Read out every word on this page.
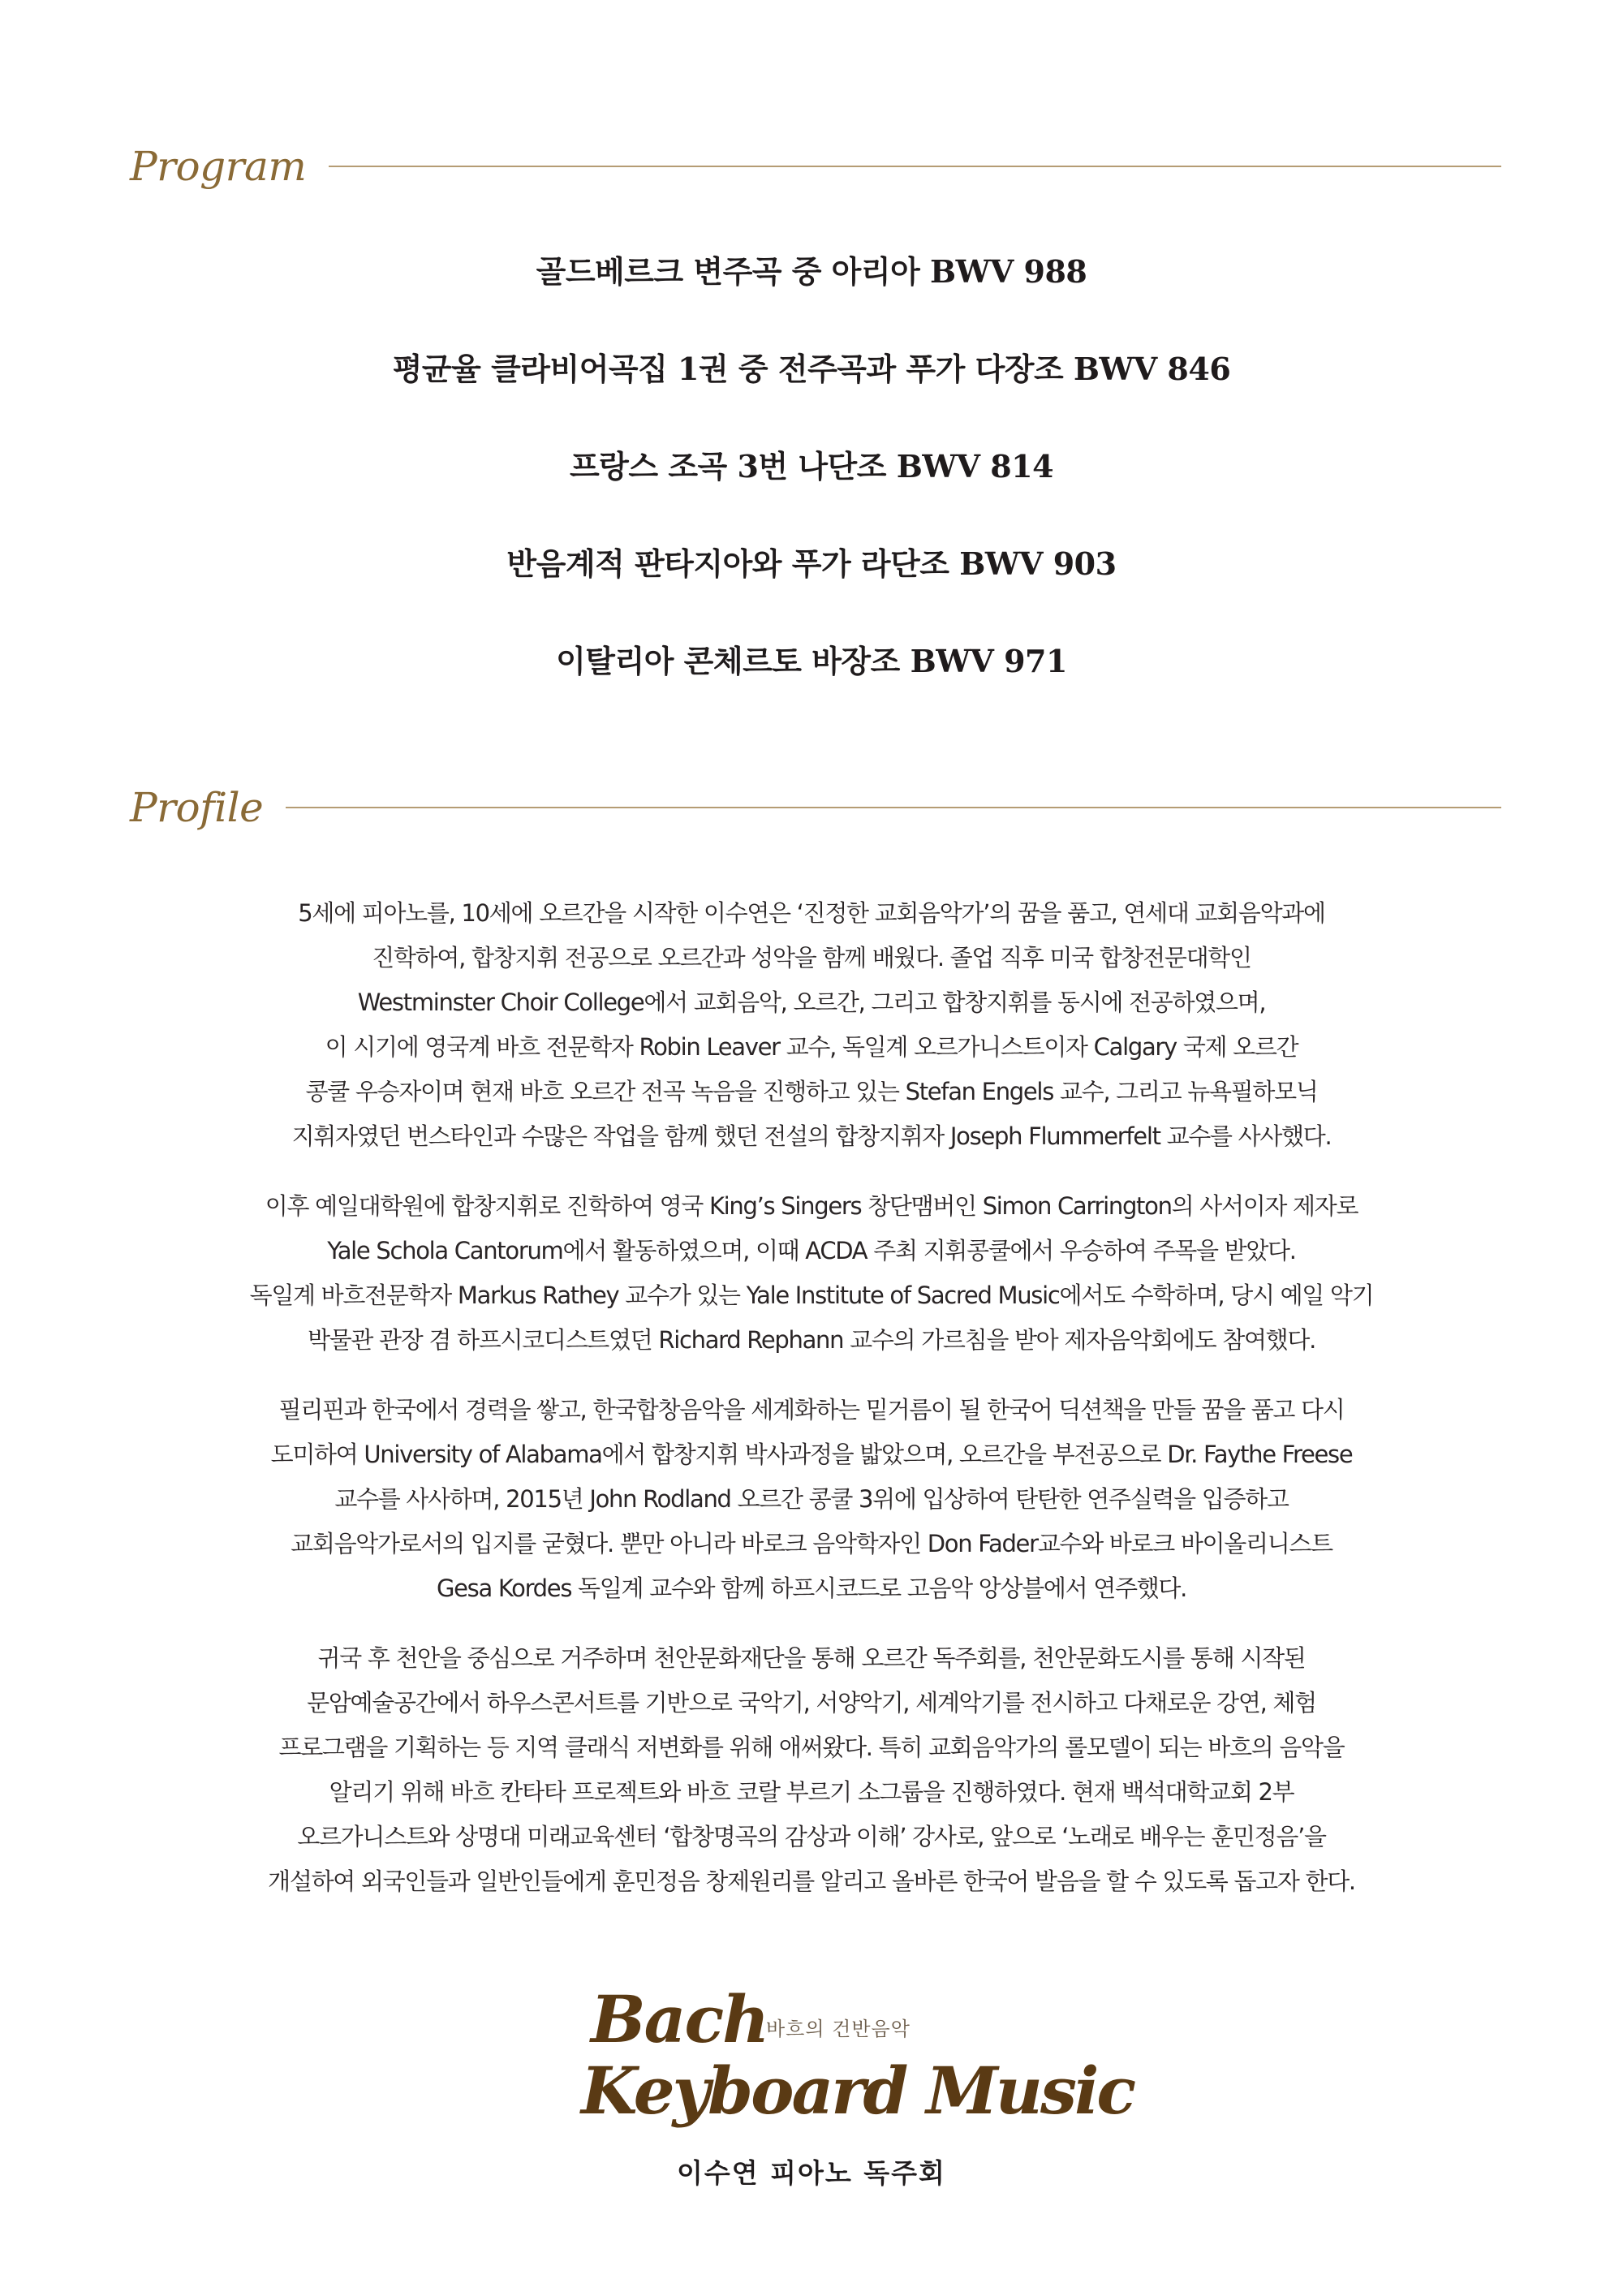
Program
골드베르크 변주곡 중 아리아 BWV 988
평균율 클라비어곡집 1권 중 전주곡과 푸가 다장조 BWV 846
프랑스 조곡 3번 나단조 BWV 814
반음계적 판타지아와 푸가 라단조 BWV 903
이탈리아 콘체르토 바장조 BWV 971
Profile
5세에 피아노를, 10세에 오르간을 시작한 이수연은 ‘진정한 교회음악가’의 꿈을 품고, 연세대 교회음악과에
진학하여, 합창지휘 전공으로 오르간과 성악을 함께 배웠다. 졸업 직후 미국 합창전문대학인
Westminster Choir College에서 교회음악, 오르간, 그리고 합창지휘를 동시에 전공하였으며,
이 시기에 영국계 바흐 전문학자 Robin Leaver 교수, 독일계 오르가니스트이자 Calgary 국제 오르간
콩쿨 우승자이며 현재 바흐 오르간 전곡 녹음을 진행하고 있는 Stefan Engels 교수, 그리고 뉴욕필하모닉
지휘자였던 번스타인과 수많은 작업을 함께 했던 전설의 합창지휘자 Joseph Flummerfelt 교수를 사사했다.
이후 예일대학원에 합창지휘로 진학하여 영국 King’s Singers 창단맴버인 Simon Carrington의 사서이자 제자로
Yale Schola Cantorum에서 활동하였으며, 이때 ACDA 주최 지휘콩쿨에서 우승하여 주목을 받았다.
독일계 바흐전문학자 Markus Rathey 교수가 있는 Yale Institute of Sacred Music에서도 수학하며, 당시 예일 악기
박물관 관장 겸 하프시코디스트였던 Richard Rephann 교수의 가르침을 받아 제자음악회에도 참여했다.
필리핀과 한국에서 경력을 쌓고, 한국합창음악을 세계화하는 밑거름이 될 한국어 딕션책을 만들 꿈을 품고 다시
도미하여 University of Alabama에서 합창지휘 박사과정을 밟았으며, 오르간을 부전공으로 Dr. Faythe Freese
교수를 사사하며, 2015년 John Rodland 오르간 콩쿨 3위에 입상하여 탄탄한 연주실력을 입증하고
교회음악가로서의 입지를 굳혔다. 뿐만 아니라 바로크 음악학자인 Don Fader교수와 바로크 바이올리니스트
Gesa Kordes 독일계 교수와 함께 하프시코드로 고음악 앙상블에서 연주했다.
귀국 후 천안을 중심으로 거주하며 천안문화재단을 통해 오르간 독주회를, 천안문화도시를 통해 시작된
문암예술공간에서 하우스콘서트를 기반으로 국악기, 서양악기, 세계악기를 전시하고 다채로운 강연, 체험
프로그램을 기획하는 등 지역 클래식 저변화를 위해 애써왔다. 특히 교회음악가의 롤모델이 되는 바흐의 음악을
알리기 위해 바흐 칸타타 프로젝트와 바흐 코랄 부르기 소그룹을 진행하였다. 현재 백석대학교회 2부
오르가니스트와 상명대 미래교육센터 ‘합창명곡의 감상과 이해’ 강사로, 앞으로 ‘노래로 배우는 훈민정음’을
개설하여 외국인들과 일반인들에게 훈민정음 창제원리를 알리고 올바른 한국어 발음을 할 수 있도록 돕고자 한다.
Bach
바흐의 건반음악
Keyboard Music
이수연 피아노 독주회
